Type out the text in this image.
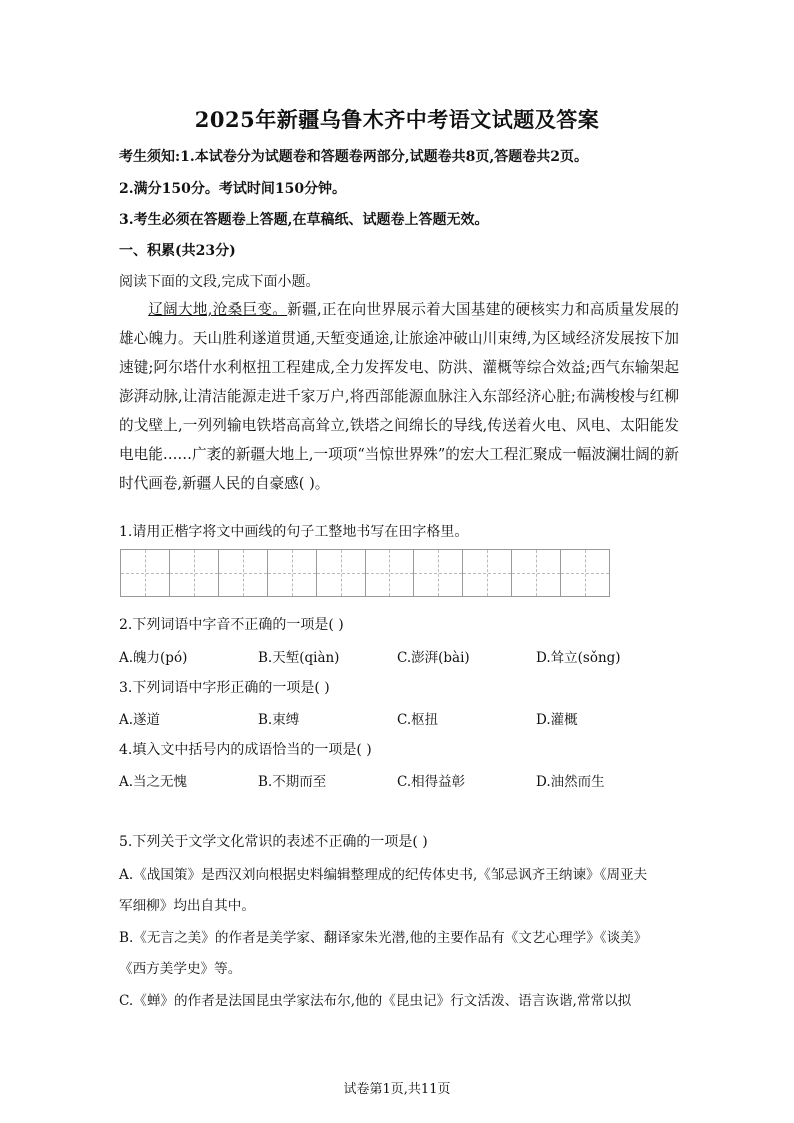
2025年新疆乌鲁木齐中考语文试题及答案
考生须知:1.本试卷分为试题卷和答题卷两部分,试题卷共8页,答题卷共2页。
2.满分150分。考试时间150分钟。
3.考生必须在答题卷上答题,在草稿纸、试题卷上答题无效。
一、积累(共23分)
阅读下面的文段,完成下面小题。

辽阔大地,沧桑巨变。新疆,正在向世界展示着大国基建的硬核实力和高质量发展的雄心魄力。天山胜利遂道贯通,天堑变通途,让旅途冲破山川束缚,为区域经济发展按下加速键;阿尔塔什水利枢扭工程建成,全力发挥发电、防洪、灌概等综合效益;西气东输架起澎湃动脉,让清洁能源走进千家万户,将西部能源血脉注入东部经济心脏;布满梭梭与红柳的戈壁上,一列列输电铁塔高高耸立,铁塔之间绵长的导线,传送着火电、风电、太阳能发电电能……广袤的新疆大地上,一项项“当惊世界殊”的宏大工程汇聚成一幅波澜壮阔的新时代画卷,新疆人民的自豪感( )。

1.请用正楷字将文中画线的句子工整地书写在田字格里。
2.下列词语中字音不正确的一项是( )
A.魄力(pó)	B.天堑(qiàn)	C.澎湃(bài)	D.耸立(sǒng)
3.下列词语中字形正确的一项是( )
A.遂道	B.束缚	C.枢扭	D.灌概
4.填入文中括号内的成语恰当的一项是( )
A.当之无愧	B.不期而至	C.相得益彰	D.油然而生
5.下列关于文学文化常识的表述不正确的一项是( )
A.《战国策》是西汉刘向根据史料编辑整理成的纪传体史书,《邹忌讽齐王纳谏》《周亚夫
军细柳》均出自其中。
B.《无言之美》的作者是美学家、翻译家朱光潜,他的主要作品有《文艺心理学》《谈美》
《西方美学史》等。
C.《蝉》的作者是法国昆虫学家法布尔,他的《昆虫记》行文活泼、语言诙谐,常常以拟
试卷第1页,共11页
